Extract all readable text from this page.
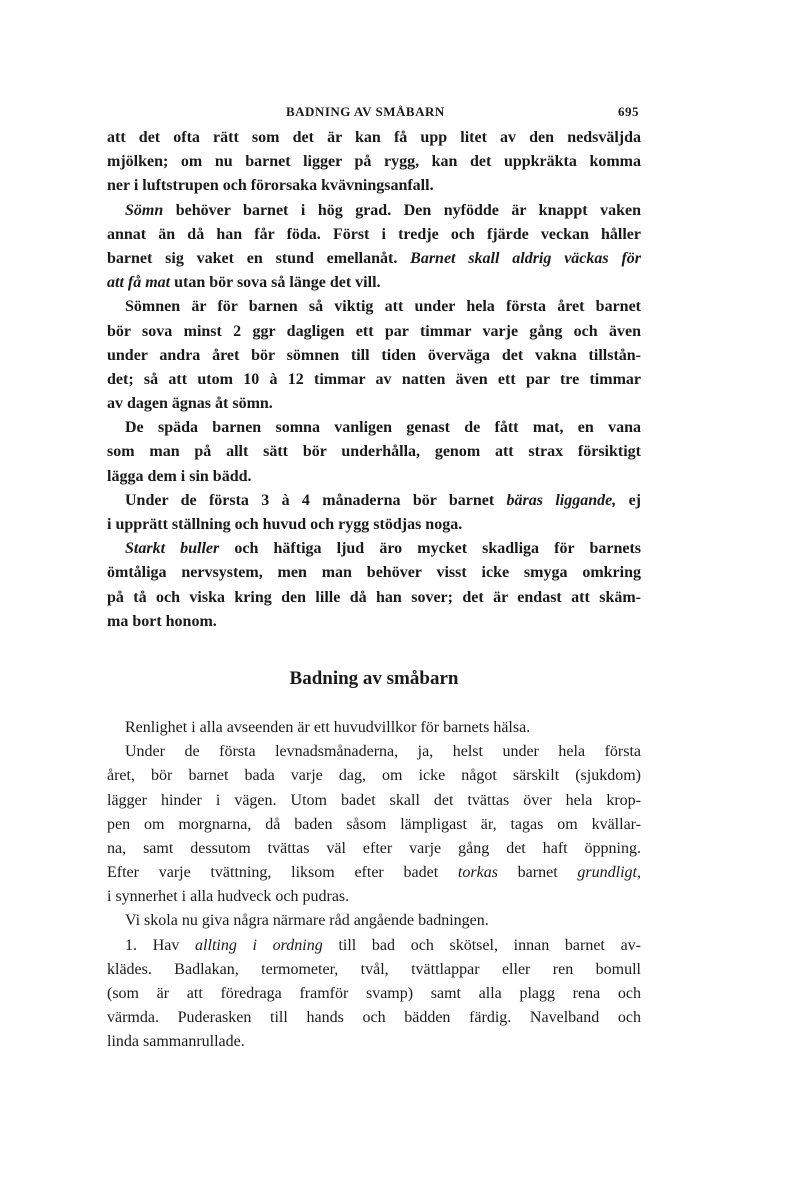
BADNING AV SMÅBARN	695
att det ofta rätt som det är kan få upp litet av den nedsväljda
mjölken; om nu barnet ligger på rygg, kan det uppkräkta komma
ner i luftstrupen och förorsaka kvävningsanfall.
Sömn behöver barnet i hög grad. Den nyfödde är knappt vaken
annat än då han får föda. Först i tredje och fjärde veckan håller
barnet sig vaket en stund emellanåt. Barnet skall aldrig väckas för
att få mat utan bör sova så länge det vill.
Sömnen är för barnen så viktig att under hela första året barnet
bör sova minst 2 ggr dagligen ett par timmar varje gång och även
under andra året bör sömnen till tiden överväga det vakna tillstån-
det; så att utom 10 à 12 timmar av natten även ett par tre timmar
av dagen ägnas åt sömn.
De späda barnen somna vanligen genast de fått mat, en vana
som man på allt sätt bör underhålla, genom att strax försiktigt
lägga dem i sin bädd.
Under de första 3 à 4 månaderna bör barnet bäras liggande, ej
i upprätt ställning och huvud och rygg stödjas noga.
Starkt buller och häftiga ljud äro mycket skadliga för barnets
ömtåliga nervsystem, men man behöver visst icke smyga omkring
på tå och viska kring den lille då han sover; det är endast att skäm-
ma bort honom.
Badning av småbarn
Renlighet i alla avseenden är ett huvudvillkor för barnets hälsa.
Under de första levnadsmånaderna, ja, helst under hela första
året, bör barnet bada varje dag, om icke något särskilt (sjukdom)
lägger hinder i vägen. Utom badet skall det tvättas över hela krop-
pen om morgnarna, då baden såsom lämpligast är, tagas om kvällar-
na, samt dessutom tvättas väl efter varje gång det haft öppning.
Efter varje tvättning, liksom efter badet torkas barnet grundligt,
i synnerhet i alla hudveck och pudras.
Vi skola nu giva några närmare råd angående badningen.
1. Hav allting i ordning till bad och skötsel, innan barnet av-
klädes. Badlakan, termometer, tvål, tvättlappar eller ren bomull
(som är att föredraga framför svamp) samt alla plagg rena och
värmda. Puderasken till hands och bädden färdig. Navelband och
linda sammanrullade.
